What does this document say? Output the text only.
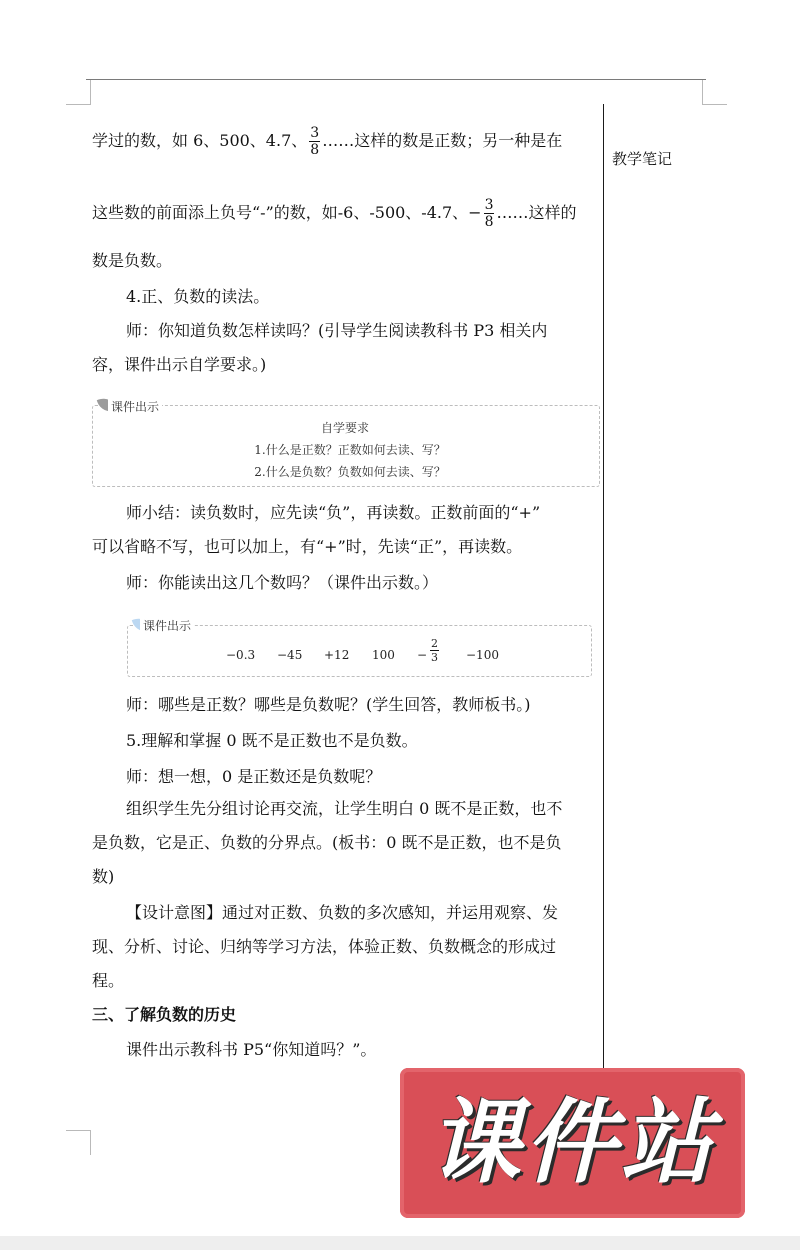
教学笔记
学过的数，如 6、500、4.7、 $\frac{3}{8}$ ……这样的数是正数；另一种是在
这些数的前面添上负号“-”的数，如-6、-500、-4.7、− $\frac{3}{8}$ ……这样的
数是负数。
4.正、负数的读法。
师：你知道负数怎样读吗？(引导学生阅读教科书 P3 相关内
容，课件出示自学要求。)
课件出示
自学要求
1.什么是正数？正数如何去读、写？
2.什么是负数？负数如何去读、写？
师小结：读负数时，应先读“负”，再读数。正数前面的“+”
可以省略不写，也可以加上，有“+”时，先读“正”，再读数。
师：你能读出这几个数吗？（课件出示数。）
课件出示
−0.3 −45 +12 $100 - \frac{2}{3} -100$
师：哪些是正数？哪些是负数呢？(学生回答，教师板书。)
5.理解和掌握 0 既不是正数也不是负数。
师：想一想，0 是正数还是负数呢？
组织学生先分组讨论再交流，让学生明白 0 既不是正数，也不
是负数，它是正、负数的分界点。(板书：0 既不是正数，也不是负
数)
【设计意图】通过对正数、负数的多次感知，并运用观察、发
现、分析、讨论、归纳等学习方法，体验正数、负数概念的形成过
程。
三、了解负数的历史
课件出示教科书 P5“你知道吗？”。
课件站
